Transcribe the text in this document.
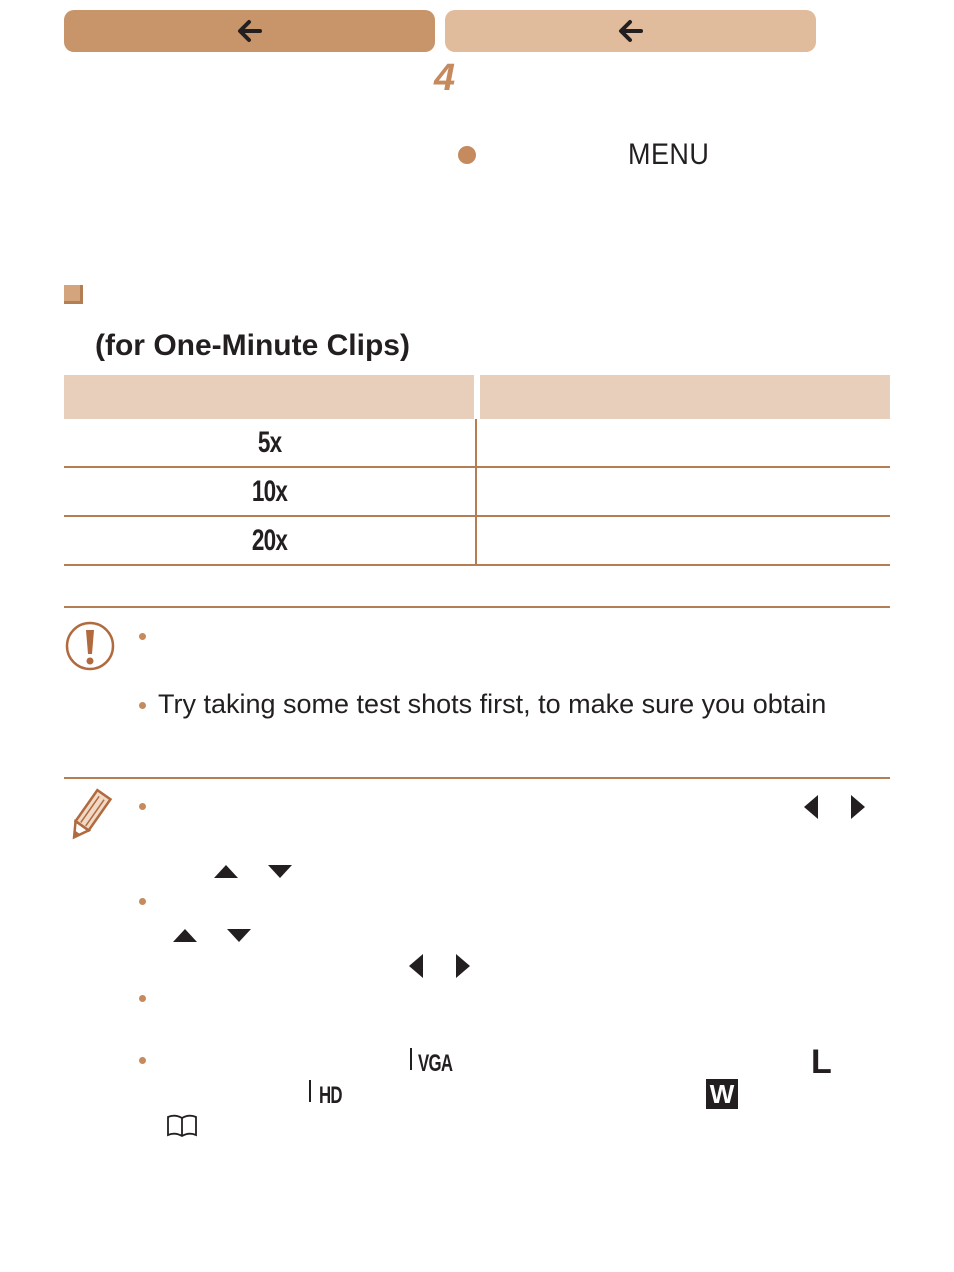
4
MENU
(for One-Minute Clips)
5x
10x
20x
Try taking some test shots first, to make sure you obtain
VGA	L
HD	W
